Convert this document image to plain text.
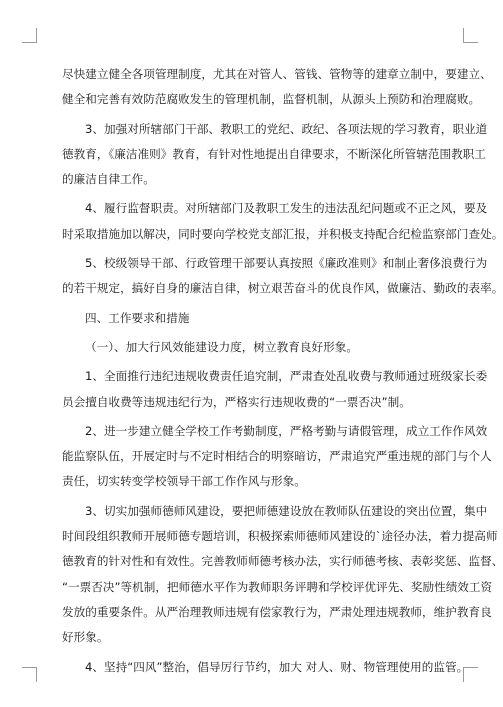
尽快建立健全各项管理制度，尤其在对管人、管钱、管物等的建章立制中，要建立、
健全和完善有效防范腐败发生的管理机制，监督机制，从源头上预防和治理腐败。
3、加强对所辖部门干部、教职工的党纪、政纪、各项法规的学习教育，职业道
德教育，《廉洁准则》教育，有针对性地提出自律要求，不断深化所管辖范围教职工
的廉洁自律工作。
4、履行监督职责。对所辖部门及教职工发生的违法乱纪问题或不正之风，要及
时采取措施加以解决，同时要向学校党支部汇报，并积极支持配合纪检监察部门查处。
5、校级领导干部、行政管理干部要认真按照《廉政准则》和制止奢侈浪费行为
的若干规定，搞好自身的廉洁自律，树立艰苦奋斗的优良作风，做廉洁、勤政的表率。
四、工作要求和措施
（一）、加大行风效能建设力度，树立教育良好形象。
1、全面推行违纪违规收费责任追究制，严肃查处乱收费与教师通过班级家长委
员会擅自收费等违规违纪行为，严格实行违规收费的“一票否决”制。
2、进一步建立健全学校工作考勤制度，严格考勤与请假管理，成立工作作风效
能监察队伍，开展定时与不定时相结合的明察暗访，严肃追究严重违规的部门与个人
责任，切实转变学校领导干部工作作风与形象。
3、切实加强师德师风建设，要把师德建设放在教师队伍建设的突出位置，集中
时间段组织教师开展师德专题培训，积极探索师德师风建设的`途径办法，着力提高师
德教育的针对性和有效性。完善教师师德考核办法，实行师德考核、表彰奖惩、监督、
“一票否决”等机制，把师德水平作为教师职务评聘和学校评优评先、奖励性绩效工资
发放的重要条件。从严治理教师违规有偿家教行为，严肃处理违规教师，维护教育良
好形象。
4、坚持“四风”整治，倡导厉行节约，加大 对人、财、物管理使用的监管。
